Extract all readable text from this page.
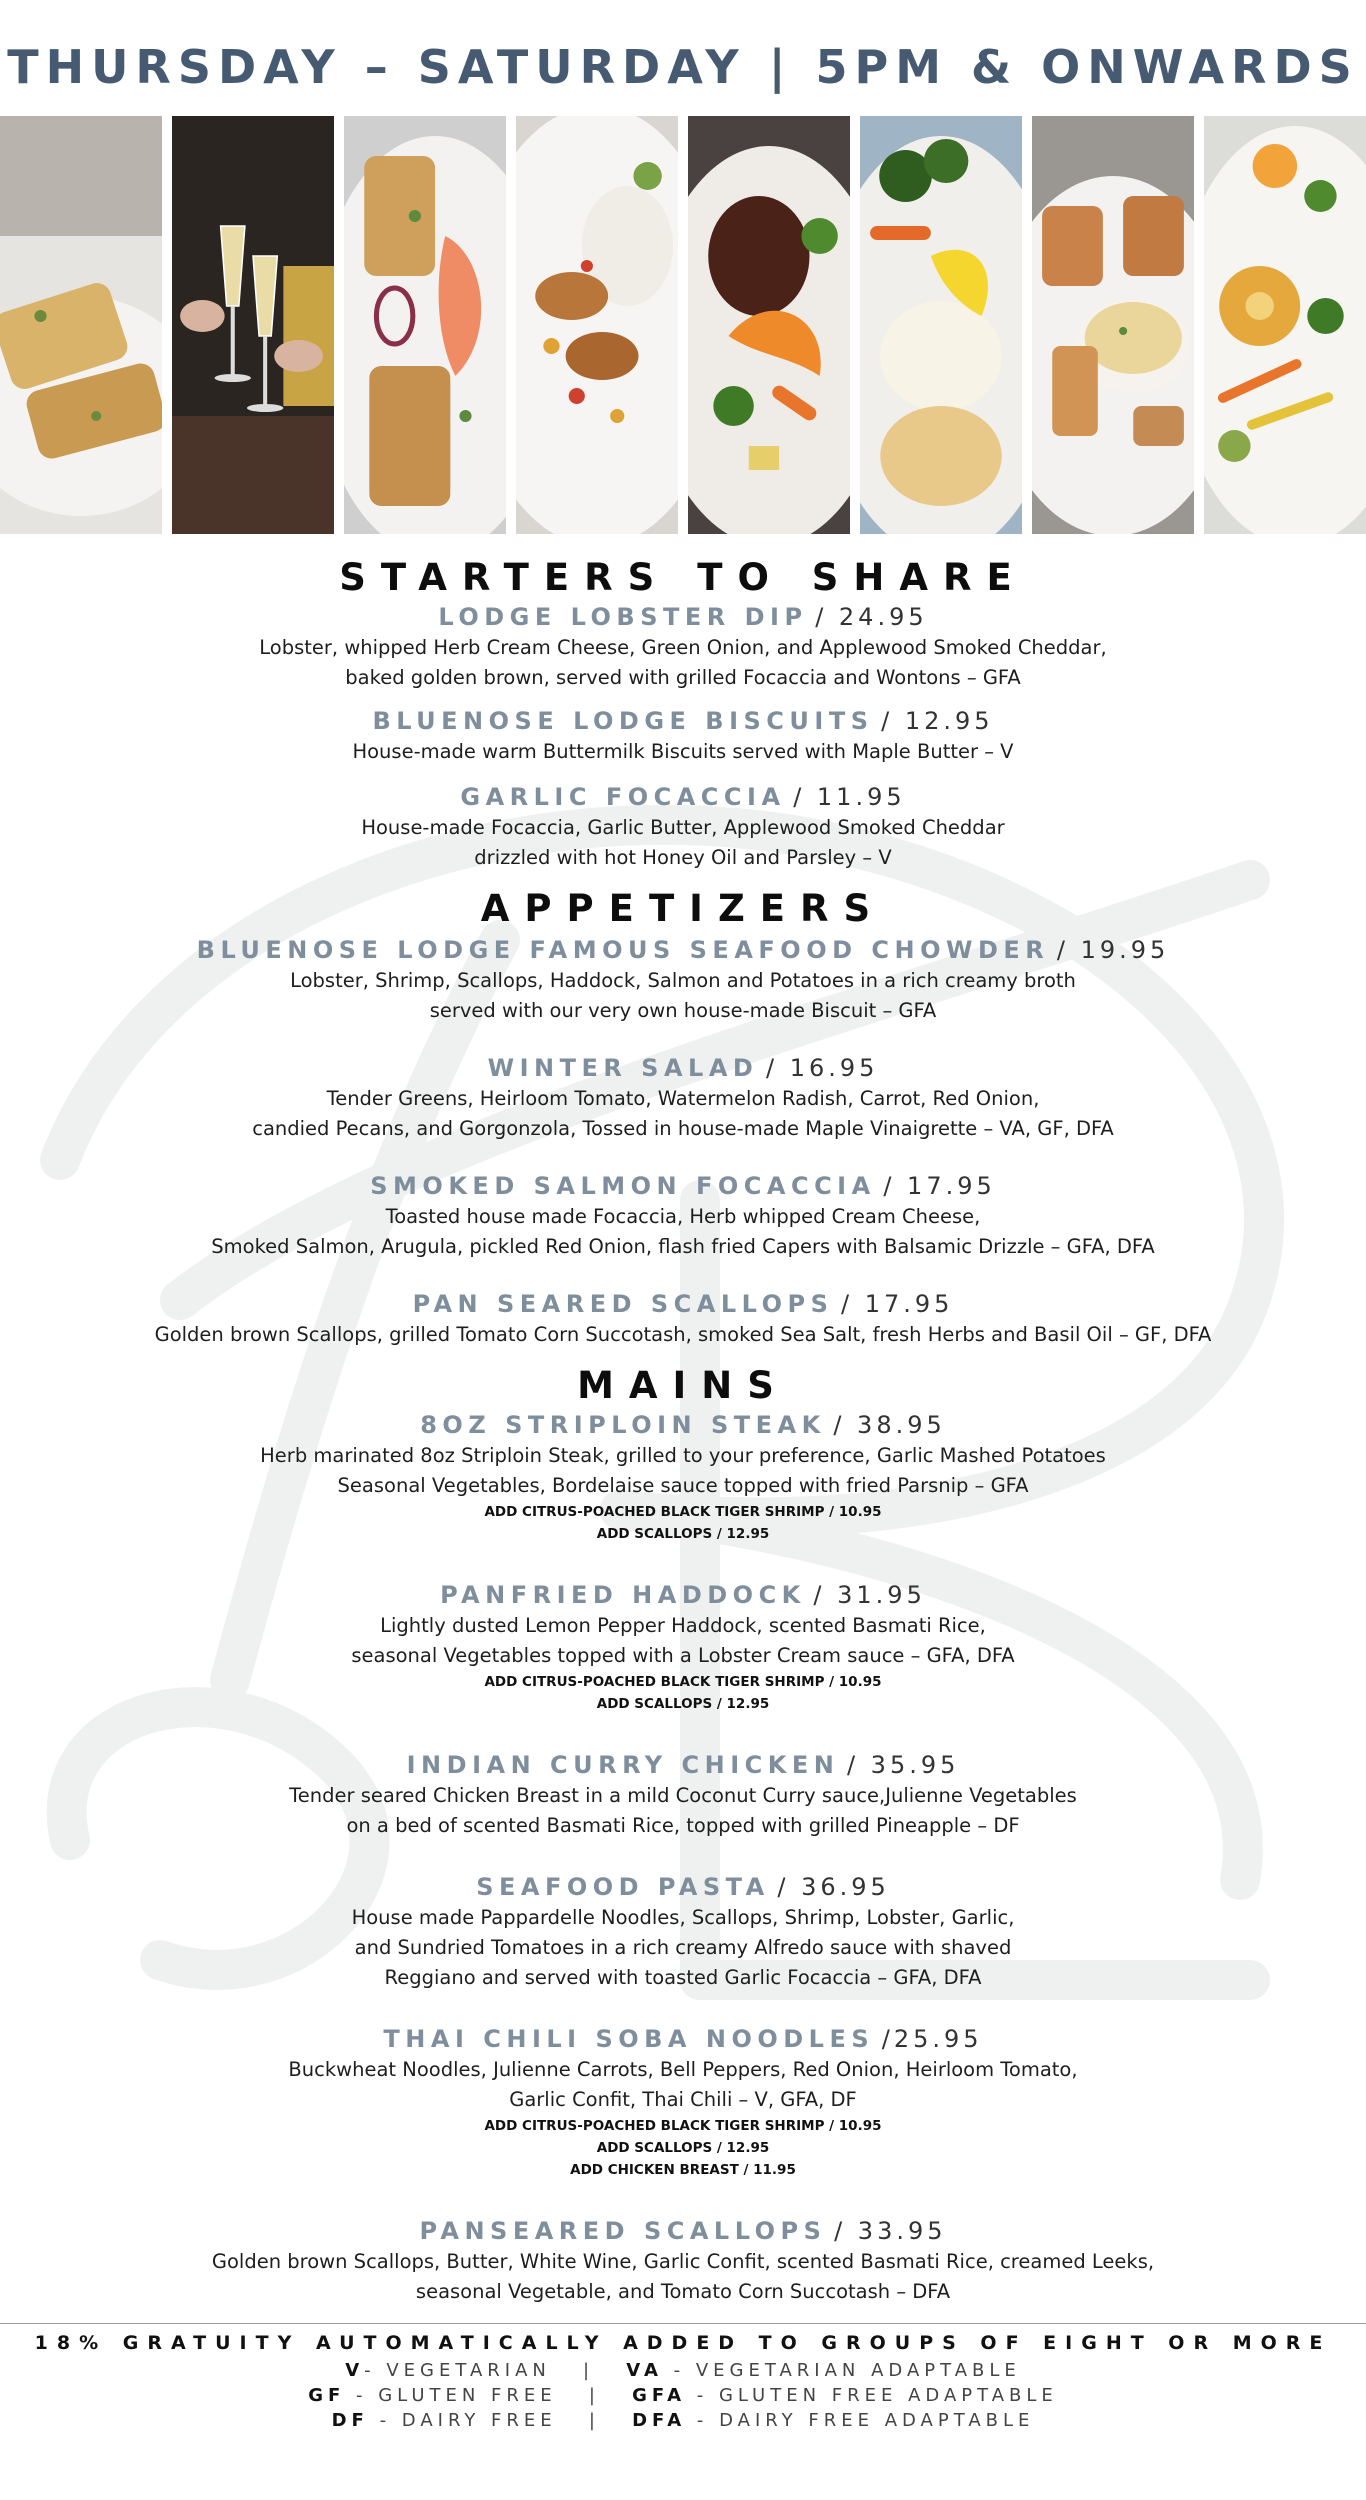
THURSDAY – SATURDAY | 5PM & ONWARDS
STARTERS TO SHARE
LODGE LOBSTER DIP / 24.95

Lobster, whipped Herb Cream Cheese, Green Onion, and Applewood Smoked Cheddar,

baked golden brown, served with grilled Focaccia and Wontons – GFA

BLUENOSE LODGE BISCUITS / 12.95

House-made warm Buttermilk Biscuits served with Maple Butter – V

GARLIC FOCACCIA / 11.95

House-made Focaccia, Garlic Butter, Applewood Smoked Cheddar

drizzled with hot Honey Oil and Parsley – V

APPETIZERS
BLUENOSE LODGE FAMOUS SEAFOOD CHOWDER / 19.95

Lobster, Shrimp, Scallops, Haddock, Salmon and Potatoes in a rich creamy broth

served with our very own house-made Biscuit – GFA

WINTER SALAD / 16.95

Tender Greens, Heirloom Tomato, Watermelon Radish, Carrot, Red Onion,

candied Pecans, and Gorgonzola, Tossed in house-made Maple Vinaigrette – VA, GF, DFA

SMOKED SALMON FOCACCIA / 17.95

Toasted house made Focaccia, Herb whipped Cream Cheese,

Smoked Salmon, Arugula, pickled Red Onion, flash fried Capers with Balsamic Drizzle – GFA, DFA

PAN SEARED SCALLOPS / 17.95

Golden brown Scallops, grilled Tomato Corn Succotash, smoked Sea Salt, fresh Herbs and Basil Oil – GF, DFA

MAINS
8OZ STRIPLOIN STEAK / 38.95

Herb marinated 8oz Striploin Steak, grilled to your preference, Garlic Mashed Potatoes

Seasonal Vegetables, Bordelaise sauce topped with fried Parsnip – GFA

ADD CITRUS-POACHED BLACK TIGER SHRIMP / 10.95

ADD SCALLOPS / 12.95

PANFRIED HADDOCK / 31.95

Lightly dusted Lemon Pepper Haddock, scented Basmati Rice,

seasonal Vegetables topped with a Lobster Cream sauce – GFA, DFA

ADD CITRUS-POACHED BLACK TIGER SHRIMP / 10.95

ADD SCALLOPS / 12.95

INDIAN CURRY CHICKEN / 35.95

Tender seared Chicken Breast in a mild Coconut Curry sauce,Julienne Vegetables

on a bed of scented Basmati Rice, topped with grilled Pineapple – DF

SEAFOOD PASTA / 36.95

House made Pappardelle Noodles, Scallops, Shrimp, Lobster, Garlic,

and Sundried Tomatoes in a rich creamy Alfredo sauce with shaved

Reggiano and served with toasted Garlic Focaccia – GFA, DFA

THAI CHILI SOBA NOODLES /25.95

Buckwheat Noodles, Julienne Carrots, Bell Peppers, Red Onion, Heirloom Tomato,

Garlic Confit, Thai Chili – V, GFA, DF

ADD CITRUS-POACHED BLACK TIGER SHRIMP / 10.95

ADD SCALLOPS / 12.95

ADD CHICKEN BREAST / 11.95

PANSEARED SCALLOPS / 33.95

Golden brown Scallops, Butter, White Wine, Garlic Confit, scented Basmati Rice, creamed Leeks,

seasonal Vegetable, and Tomato Corn Succotash – DFA

18% GRATUITY AUTOMATICALLY ADDED TO GROUPS OF EIGHT OR MORE

V- VEGETARIAN | VA - VEGETARIAN ADAPTABLE

GF - GLUTEN FREE | GFA - GLUTEN FREE ADAPTABLE

DF - DAIRY FREE | DFA - DAIRY FREE ADAPTABLE
